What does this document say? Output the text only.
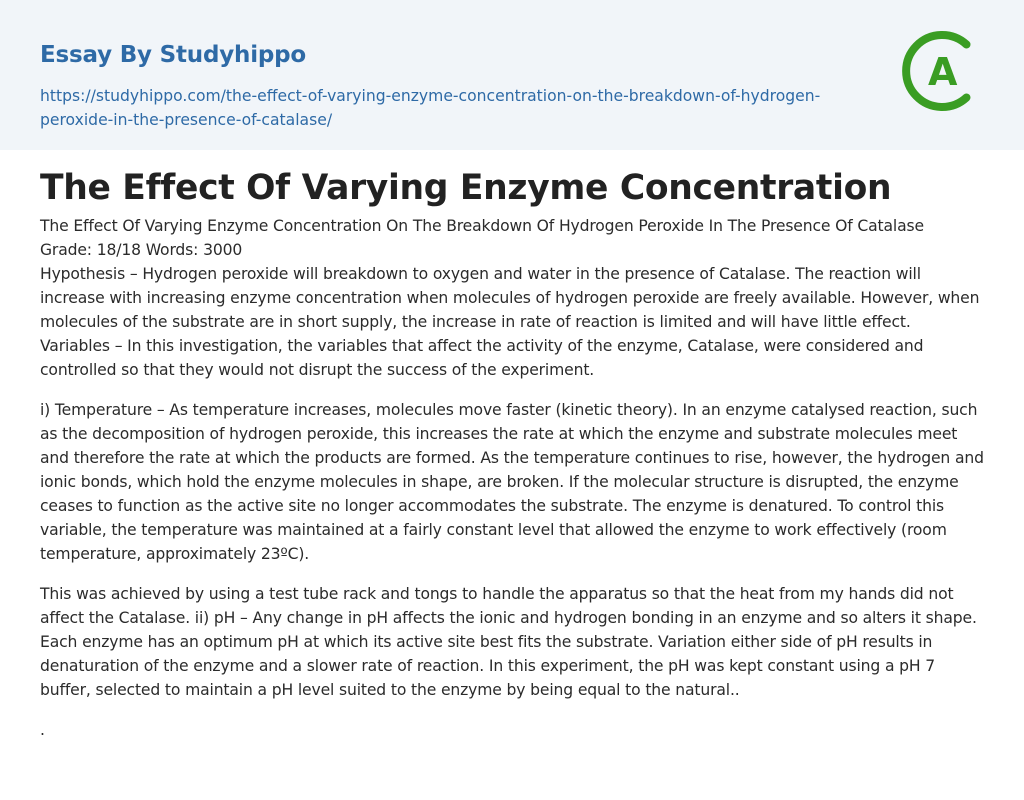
Essay By Studyhippo
https://studyhippo.com/the-effect-of-varying-enzyme-concentration-on-the-breakdown-of-hydrogen-peroxide-in-the-presence-of-catalase/
A
The Effect Of Varying Enzyme Concentration
The Effect Of Varying Enzyme Concentration On The Breakdown Of Hydrogen Peroxide In The Presence Of Catalase
Grade: 18/18 Words: 3000
Hypothesis – Hydrogen peroxide will breakdown to oxygen and water in the presence of Catalase. The reaction will increase with increasing enzyme concentration when molecules of hydrogen peroxide are freely available. However, when molecules of the substrate are in short supply, the increase in rate of reaction is limited and will have little effect. Variables – In this investigation, the variables that affect the activity of the enzyme, Catalase, were considered and controlled so that they would not disrupt the success of the experiment.

i) Temperature – As temperature increases, molecules move faster (kinetic theory). In an enzyme catalysed reaction, such as the decomposition of hydrogen peroxide, this increases the rate at which the enzyme and substrate molecules meet and therefore the rate at which the products are formed. As the temperature continues to rise, however, the hydrogen and ionic bonds, which hold the enzyme molecules in shape, are broken. If the molecular structure is disrupted, the enzyme ceases to function as the active site no longer accommodates the substrate. The enzyme is denatured. To control this variable, the temperature was maintained at a fairly constant level that allowed the enzyme to work effectively (room temperature, approximately 23ºC).

This was achieved by using a test tube rack and tongs to handle the apparatus so that the heat from my hands did not affect the Catalase. ii) pH – Any change in pH affects the ionic and hydrogen bonding in an enzyme and so alters it shape. Each enzyme has an optimum pH at which its active site best fits the substrate. Variation either side of pH results in denaturation of the enzyme and a slower rate of reaction. In this experiment, the pH was kept constant using a pH 7 buffer, selected to maintain a pH level suited to the enzyme by being equal to the natural..

.
